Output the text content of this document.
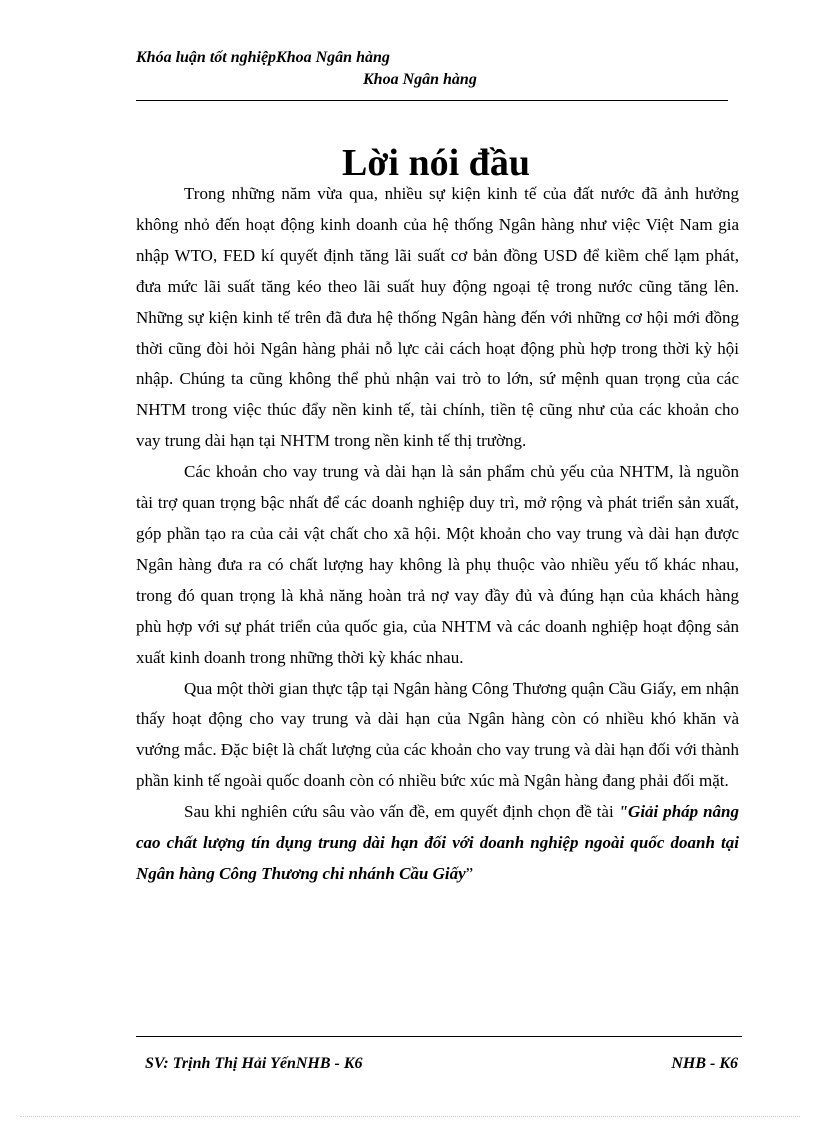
Khóa luận tốt nghiệpKhoa Ngân hàng
Khoa Ngân hàng
Lời nói đầu

Trong những năm vừa qua, nhiều sự kiện kinh tế của đất nước đã ảnh hưởng không nhỏ đến hoạt động kinh doanh của hệ thống Ngân hàng như việc Việt Nam gia nhập WTO, FED kí quyết định tăng lãi suất cơ bản đồng USD để kiềm chế lạm phát, đưa mức lãi suất tăng kéo theo lãi suất huy động ngoại tệ trong nước cũng tăng lên. Những sự kiện kinh tế trên đã đưa hệ thống Ngân hàng đến với những cơ hội mới đồng thời cũng đòi hỏi Ngân hàng phải nỗ lực cải cách hoạt động phù hợp trong thời kỳ hội nhập. Chúng ta cũng không thể phủ nhận vai trò to lớn, sứ mệnh quan trọng của các NHTM trong việc thúc đẩy nền kinh tế, tài chính, tiền tệ cũng như của các khoản cho vay trung dài hạn tại NHTM trong nền kinh tế thị trường.

Các khoản cho vay trung và dài hạn là sản phẩm chủ yếu của NHTM, là nguồn tài trợ quan trọng bậc nhất để các doanh nghiệp duy trì, mở rộng và phát triển sản xuất, góp phần tạo ra của cải vật chất cho xã hội. Một khoản cho vay trung và dài hạn được Ngân hàng đưa ra có chất lượng hay không là phụ thuộc vào nhiều yếu tố khác nhau, trong đó quan trọng là khả năng hoàn trả nợ vay đầy đủ và đúng hạn của khách hàng phù hợp với sự phát triển của quốc gia, của NHTM và các doanh nghiệp hoạt động sản xuất kinh doanh trong những thời kỳ khác nhau.

Qua một thời gian thực tập tại Ngân hàng Công Thương quận Cầu Giấy, em nhận thấy hoạt động cho vay trung và dài hạn của Ngân hàng còn có nhiều khó khăn và vướng mắc. Đặc biệt là chất lượng của các khoản cho vay trung và dài hạn đối với thành phần kinh tế ngoài quốc doanh còn có nhiều bức xúc mà Ngân hàng đang phải đối mặt.

Sau khi nghiên cứu sâu vào vấn đề, em quyết định chọn đề tài "Giải pháp nâng cao chất lượng tín dụng trung dài hạn đối với doanh nghiệp ngoài quốc doanh tại Ngân hàng Công Thương chi nhánh Cầu Giấy”

SV: Trịnh Thị Hải YếnNHB - K6	NHB - K6
